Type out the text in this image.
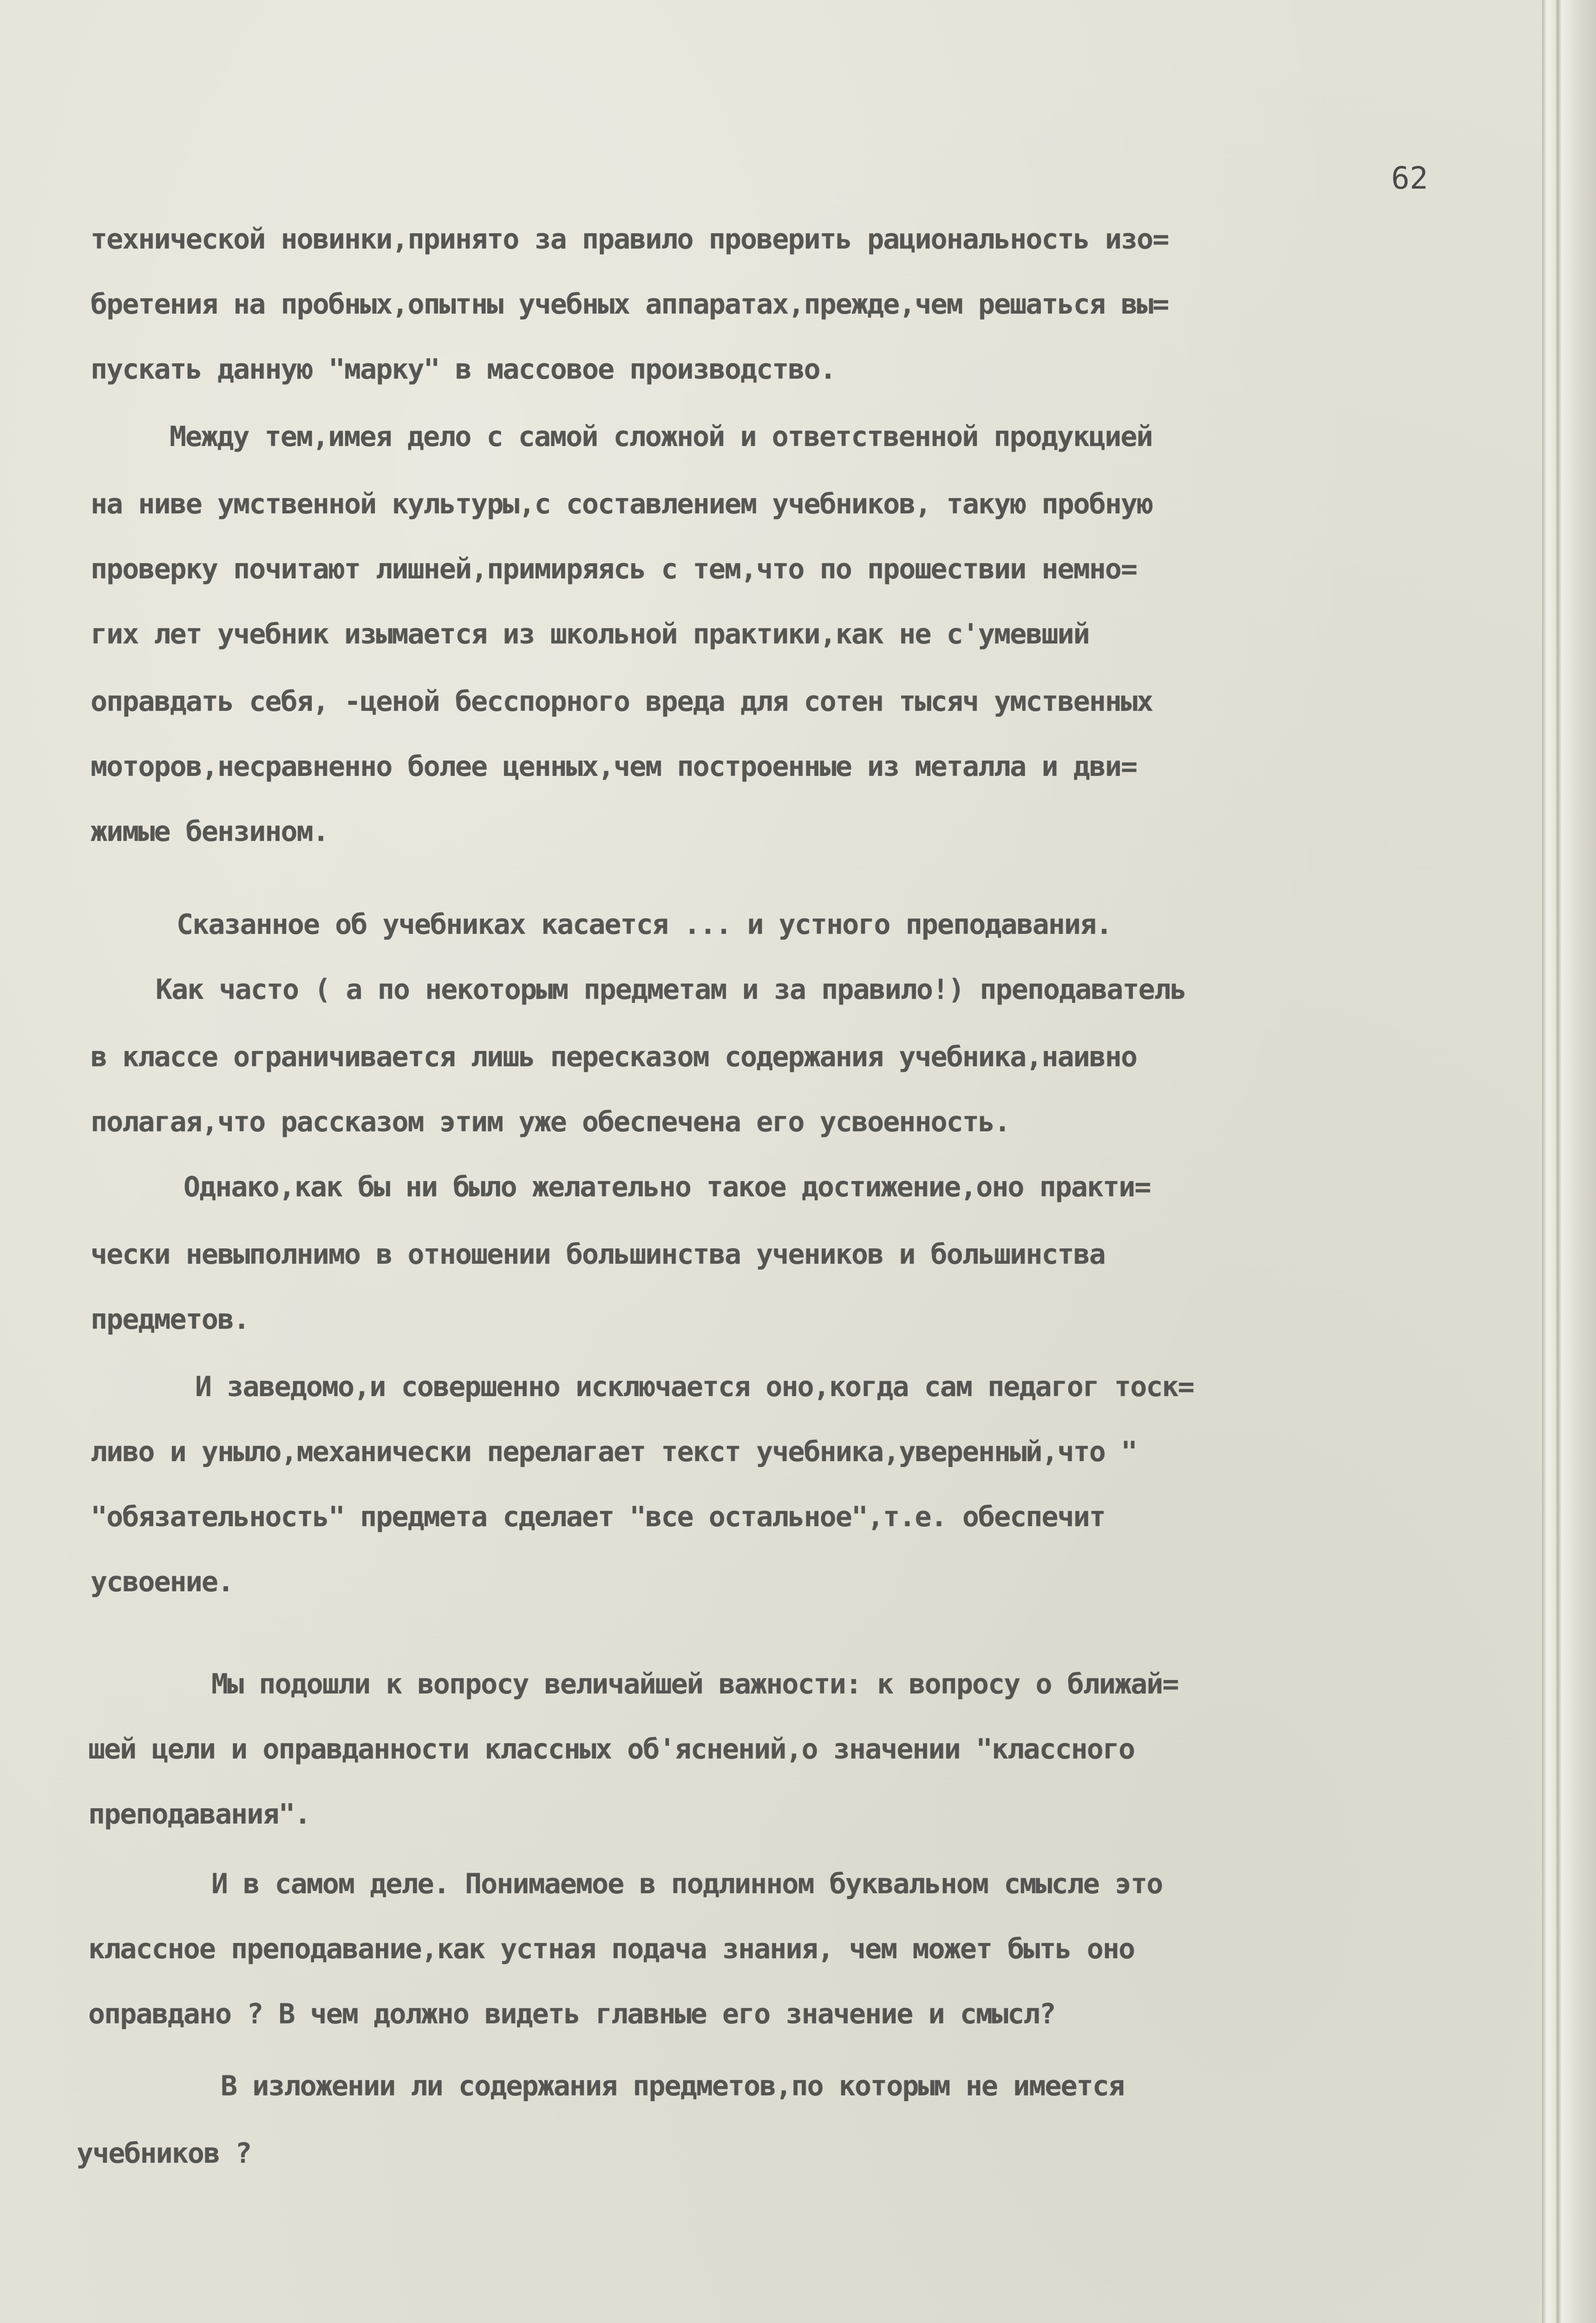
62
технической новинки,принято за правило проверить рациональность изо=
бретения на пробных,опытны учебных аппаратах,прежде,чем решаться вы=
пускать данную "марку" в массовое производство.
Между тем,имея дело с самой сложной и ответственной продукцией
на ниве умственной культуры,с составлением учебников, такую пробную
проверку почитают лишней,примиряясь с тем,что по прошествии немно=
гих лет учебник изымается из школьной практики,как не с'умевший
оправдать себя, -ценой бесспорного вреда для сотен тысяч умственных
моторов,несравненно более ценных,чем построенные из металла и дви=
жимые бензином.
Сказанное об учебниках касается ... и устного преподавания.
Как часто ( а по некоторым предметам и за правило!) преподаватель
в классе ограничивается лишь пересказом содержания учебника,наивно
полагая,что рассказом этим уже обеспечена его усвоенность.
Однако,как бы ни было желательно такое достижение,оно практи=
чески невыполнимо в отношении большинства учеников и большинства
предметов.
И заведомо,и совершенно исключается оно,когда сам педагог тоск=
ливо и уныло,механически перелагает текст учебника,уверенный,что "
"обязательность" предмета сделает "все остальное",т.е. обеспечит
усвоение.
Мы подошли к вопросу величайшей важности: к вопросу о ближай=
шей цели и оправданности классных об'яснений,о значении "классного
преподавания".
И в самом деле. Понимаемое в подлинном буквальном смысле это
классное преподавание,как устная подача знания, чем может быть оно
оправдано ? В чем должно видеть главные его значение и смысл?
В изложении ли содержания предметов,по которым не имеется
учебников ?
